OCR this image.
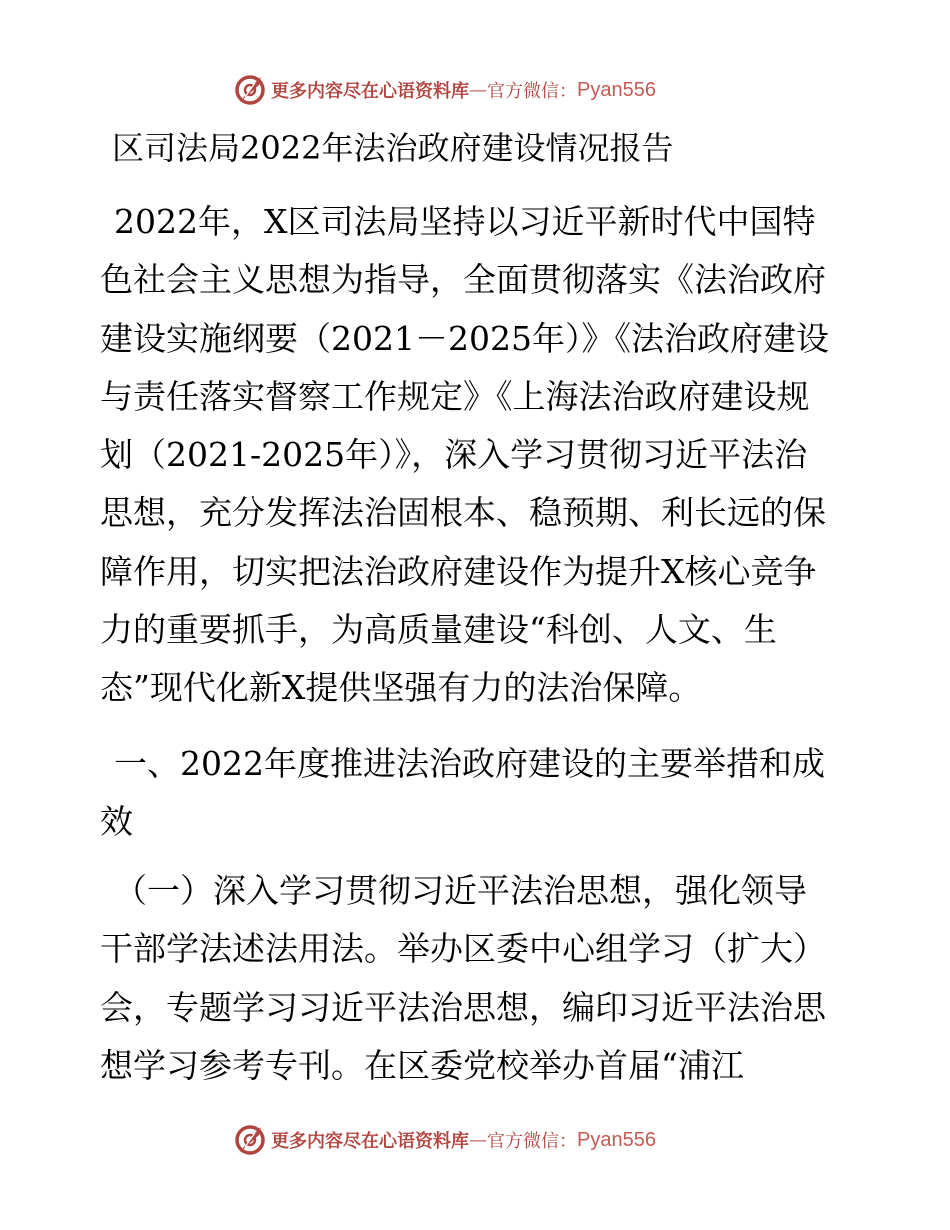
更多内容尽在心语资料库 — 官方微信： Pyan556
区司法局2022年法治政府建设情况报告
2022年，X区司法局坚持以习近平新时代中国特
色社会主义思想为指导，全面贯彻落实《法治政府
建设实施纲要（2021－2025年）》《法治政府建设
与责任落实督察工作规定》《上海法治政府建设规
划（2021-2025年）》，深入学习贯彻习近平法治
思想，充分发挥法治固根本、稳预期、利长远的保
障作用，切实把法治政府建设作为提升X核心竞争
力的重要抓手，为高质量建设“科创、人文、生
态”现代化新X提供坚强有力的法治保障。
一、2022年度推进法治政府建设的主要举措和成
效
（一）深入学习贯彻习近平法治思想，强化领导
干部学法述法用法。举办区委中心组学习（扩大）
会，专题学习习近平法治思想，编印习近平法治思
想学习参考专刊。在区委党校举办首届“浦江
更多内容尽在心语资料库 — 官方微信： Pyan556
